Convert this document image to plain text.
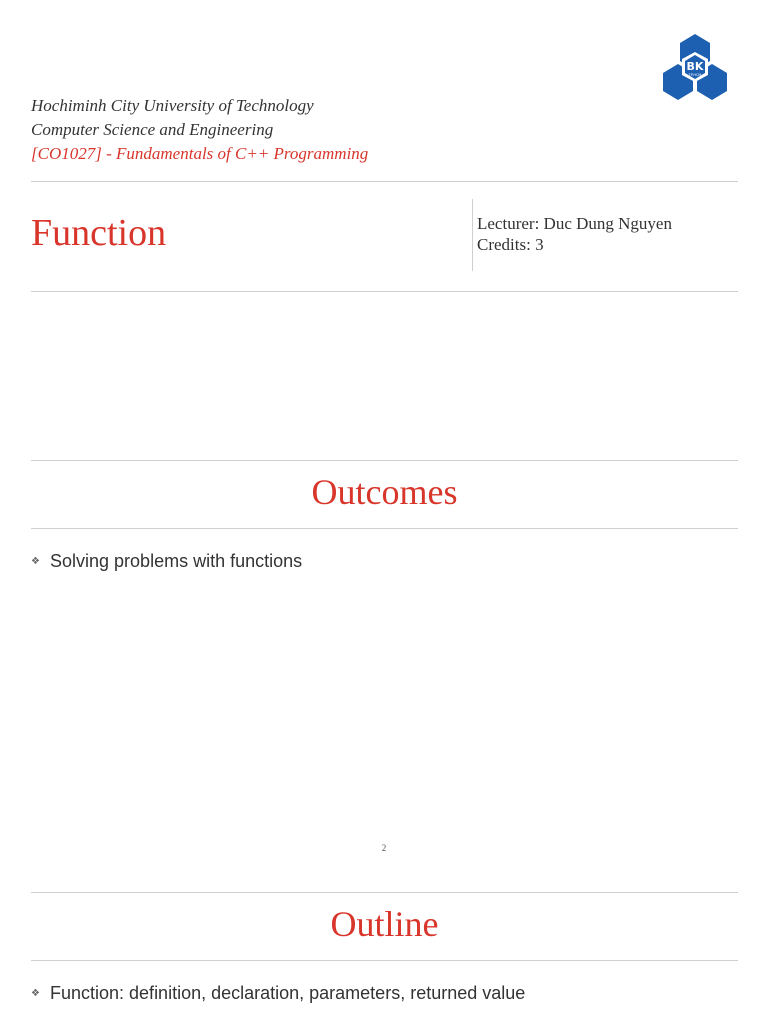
Hochiminh City University of Technology
Computer Science and Engineering
[CO1027] - Fundamentals of C++ Programming
BK
TP.HCM
Function	Lecturer: Duc Dung Nguyen
Credits: 3
Outcomes
❖ Solving problems with functions
2
Outline
❖ Function: definition, declaration, parameters, returned value
